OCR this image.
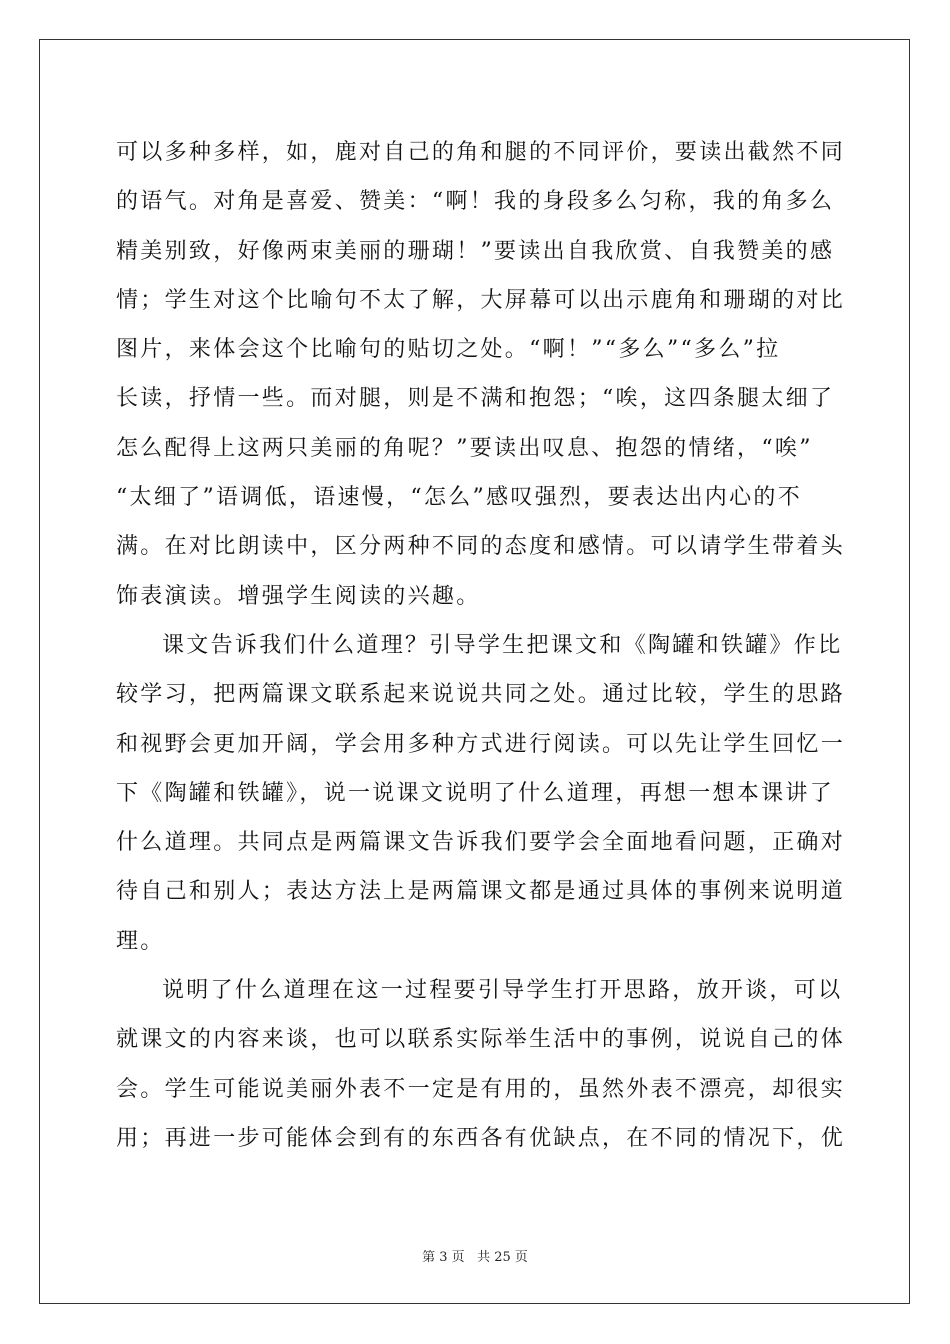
可以多种多样，如，鹿对自己的角和腿的不同评价，要读出截然不同
的语气。对角是喜爱、赞美：“啊！我的身段多么匀称，我的角多么
精美别致，好像两束美丽的珊瑚！”要读出自我欣赏、自我赞美的感
情；学生对这个比喻句不太了解，大屏幕可以出示鹿角和珊瑚的对比
图片，来体会这个比喻句的贴切之处。“啊！”“多么”“多么”拉
长读，抒情一些。而对腿，则是不满和抱怨；“唉，这四条腿太细了
怎么配得上这两只美丽的角呢？”要读出叹息、抱怨的情绪，“唉”
“太细了”语调低，语速慢，“怎么”感叹强烈，要表达出内心的不
满。在对比朗读中，区分两种不同的态度和感情。可以请学生带着头
饰表演读。增强学生阅读的兴趣。

课文告诉我们什么道理？引导学生把课文和《陶罐和铁罐》作比
较学习，把两篇课文联系起来说说共同之处。通过比较，学生的思路
和视野会更加开阔，学会用多种方式进行阅读。可以先让学生回忆一
下《陶罐和铁罐》，说一说课文说明了什么道理，再想一想本课讲了
什么道理。共同点是两篇课文告诉我们要学会全面地看问题，正确对
待自己和别人；表达方法上是两篇课文都是通过具体的事例来说明道
理。

说明了什么道理在这一过程要引导学生打开思路，放开谈，可以
就课文的内容来谈，也可以联系实际举生活中的事例，说说自己的体
会。学生可能说美丽外表不一定是有用的，虽然外表不漂亮，却很实
用；再进一步可能体会到有的东西各有优缺点，在不同的情况下，优

第 3 页 共 25 页
